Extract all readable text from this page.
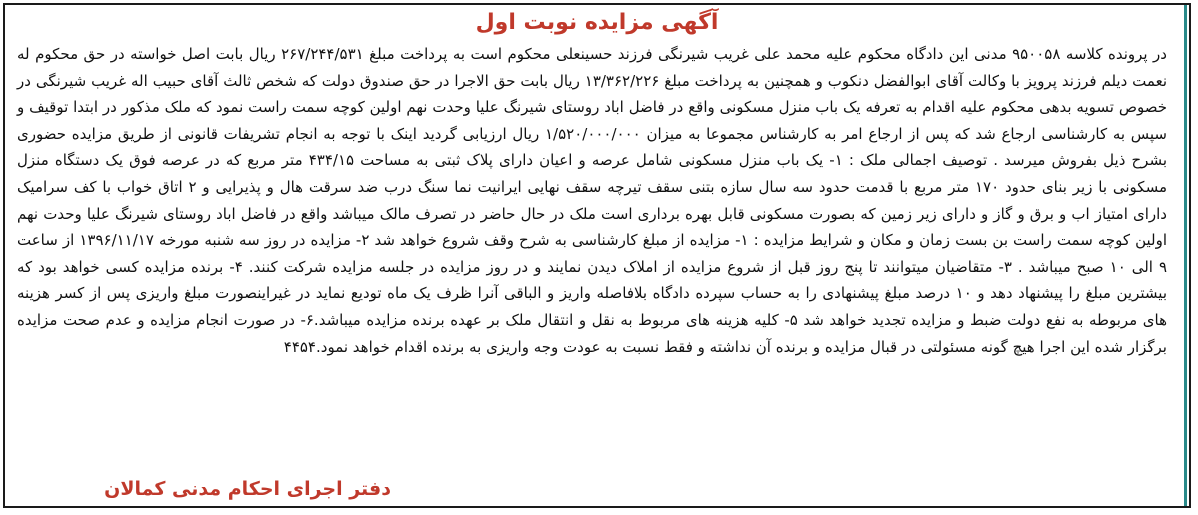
آگهی مزایده نوبت اول
در پرونده کلاسه ۹۵۰۰۵۸ مدنی این دادگاه محکوم علیه محمد علی غریب شیرنگی فرزند حسینعلی محکوم است به پرداخت مبلغ ۲۶۷/۲۴۴/۵۳۱ ریال بابت اصل خواسته در حق محکوم له نعمت دیلم فرزند پرویز با وکالت آقای ابوالفضل دنکوب و همچنین به پرداخت مبلغ ۱۳/۳۶۲/۲۲۶ ریال بابت حق الاجرا در حق صندوق دولت که شخص ثالث آقای حبیب اله غریب شیرنگی در خصوص تسویه بدهی محکوم علیه اقدام به تعرفه یک باب منزل مسکونی واقع در فاضل اباد روستای شیرنگ علیا وحدت نهم اولین کوچه سمت راست نمود که ملک مذکور در ابتدا توقیف و سپس به کارشناسی ارجاع شد که پس از ارجاع امر به کارشناس مجموعا به میزان ۱/۵۲۰/۰۰۰/۰۰۰ ریال ارزیابی گردید اینک با توجه به انجام تشریفات قانونی از طریق مزایده حضوری بشرح ذیل بفروش میرسد . توصیف اجمالی ملک : ۱- یک باب منزل مسکونی شامل عرصه و اعیان دارای پلاک ثبتی به مساحت ۴۳۴/۱۵ متر مربع که در عرصه فوق یک دستگاه منزل مسکونی با زیر بنای حدود ۱۷۰ متر مربع با قدمت حدود سه سال سازه بتنی سقف تیرچه سقف نهایی ایرانیت نما سنگ درب ضد سرقت هال و پذیرایی و ۲ اتاق خواب با کف سرامیک دارای امتیاز اب و برق و گاز و دارای زیر زمین که بصورت مسکونی قابل بهره برداری است ملک در حال حاضر در تصرف مالک میباشد واقع در فاضل اباد روستای شیرنگ علیا وحدت نهم اولین کوچه سمت راست بن بست زمان و مکان و شرایط مزایده : ۱- مزایده از مبلغ کارشناسی به شرح وقف شروع خواهد شد ۲- مزایده در روز سه شنبه مورخه ۱۳۹۶/۱۱/۱۷ از ساعت ۹ الی ۱۰ صبح میباشد . ۳- متقاضیان میتوانند تا پنج روز قبل از شروع مزایده از املاک دیدن نمایند و در روز مزایده در جلسه مزایده شرکت کنند. ۴- برنده مزایده کسی خواهد بود که بیشترین مبلغ را پیشنهاد دهد و ۱۰ درصد مبلغ پیشنهادی را به حساب سپرده دادگاه بلافاصله واریز و الباقی آنرا ظرف یک ماه تودیع نماید در غیراینصورت مبلغ واریزی پس از کسر هزینه های مربوطه به نفع دولت ضبط و مزایده تجدید خواهد شد ۵- کلیه هزینه های مربوط به نقل و انتقال ملک بر عهده برنده مزایده میباشد.۶- در صورت انجام مزایده و عدم صحت مزایده برگزار شده این اجرا هیچ گونه مسئولتی در قبال مزایده و برنده آن نداشته و فقط نسبت به عودت وجه واریزی به برنده اقدام خواهد نمود.۴۴۵۴
دفتر اجرای احکام مدنی کمالان
